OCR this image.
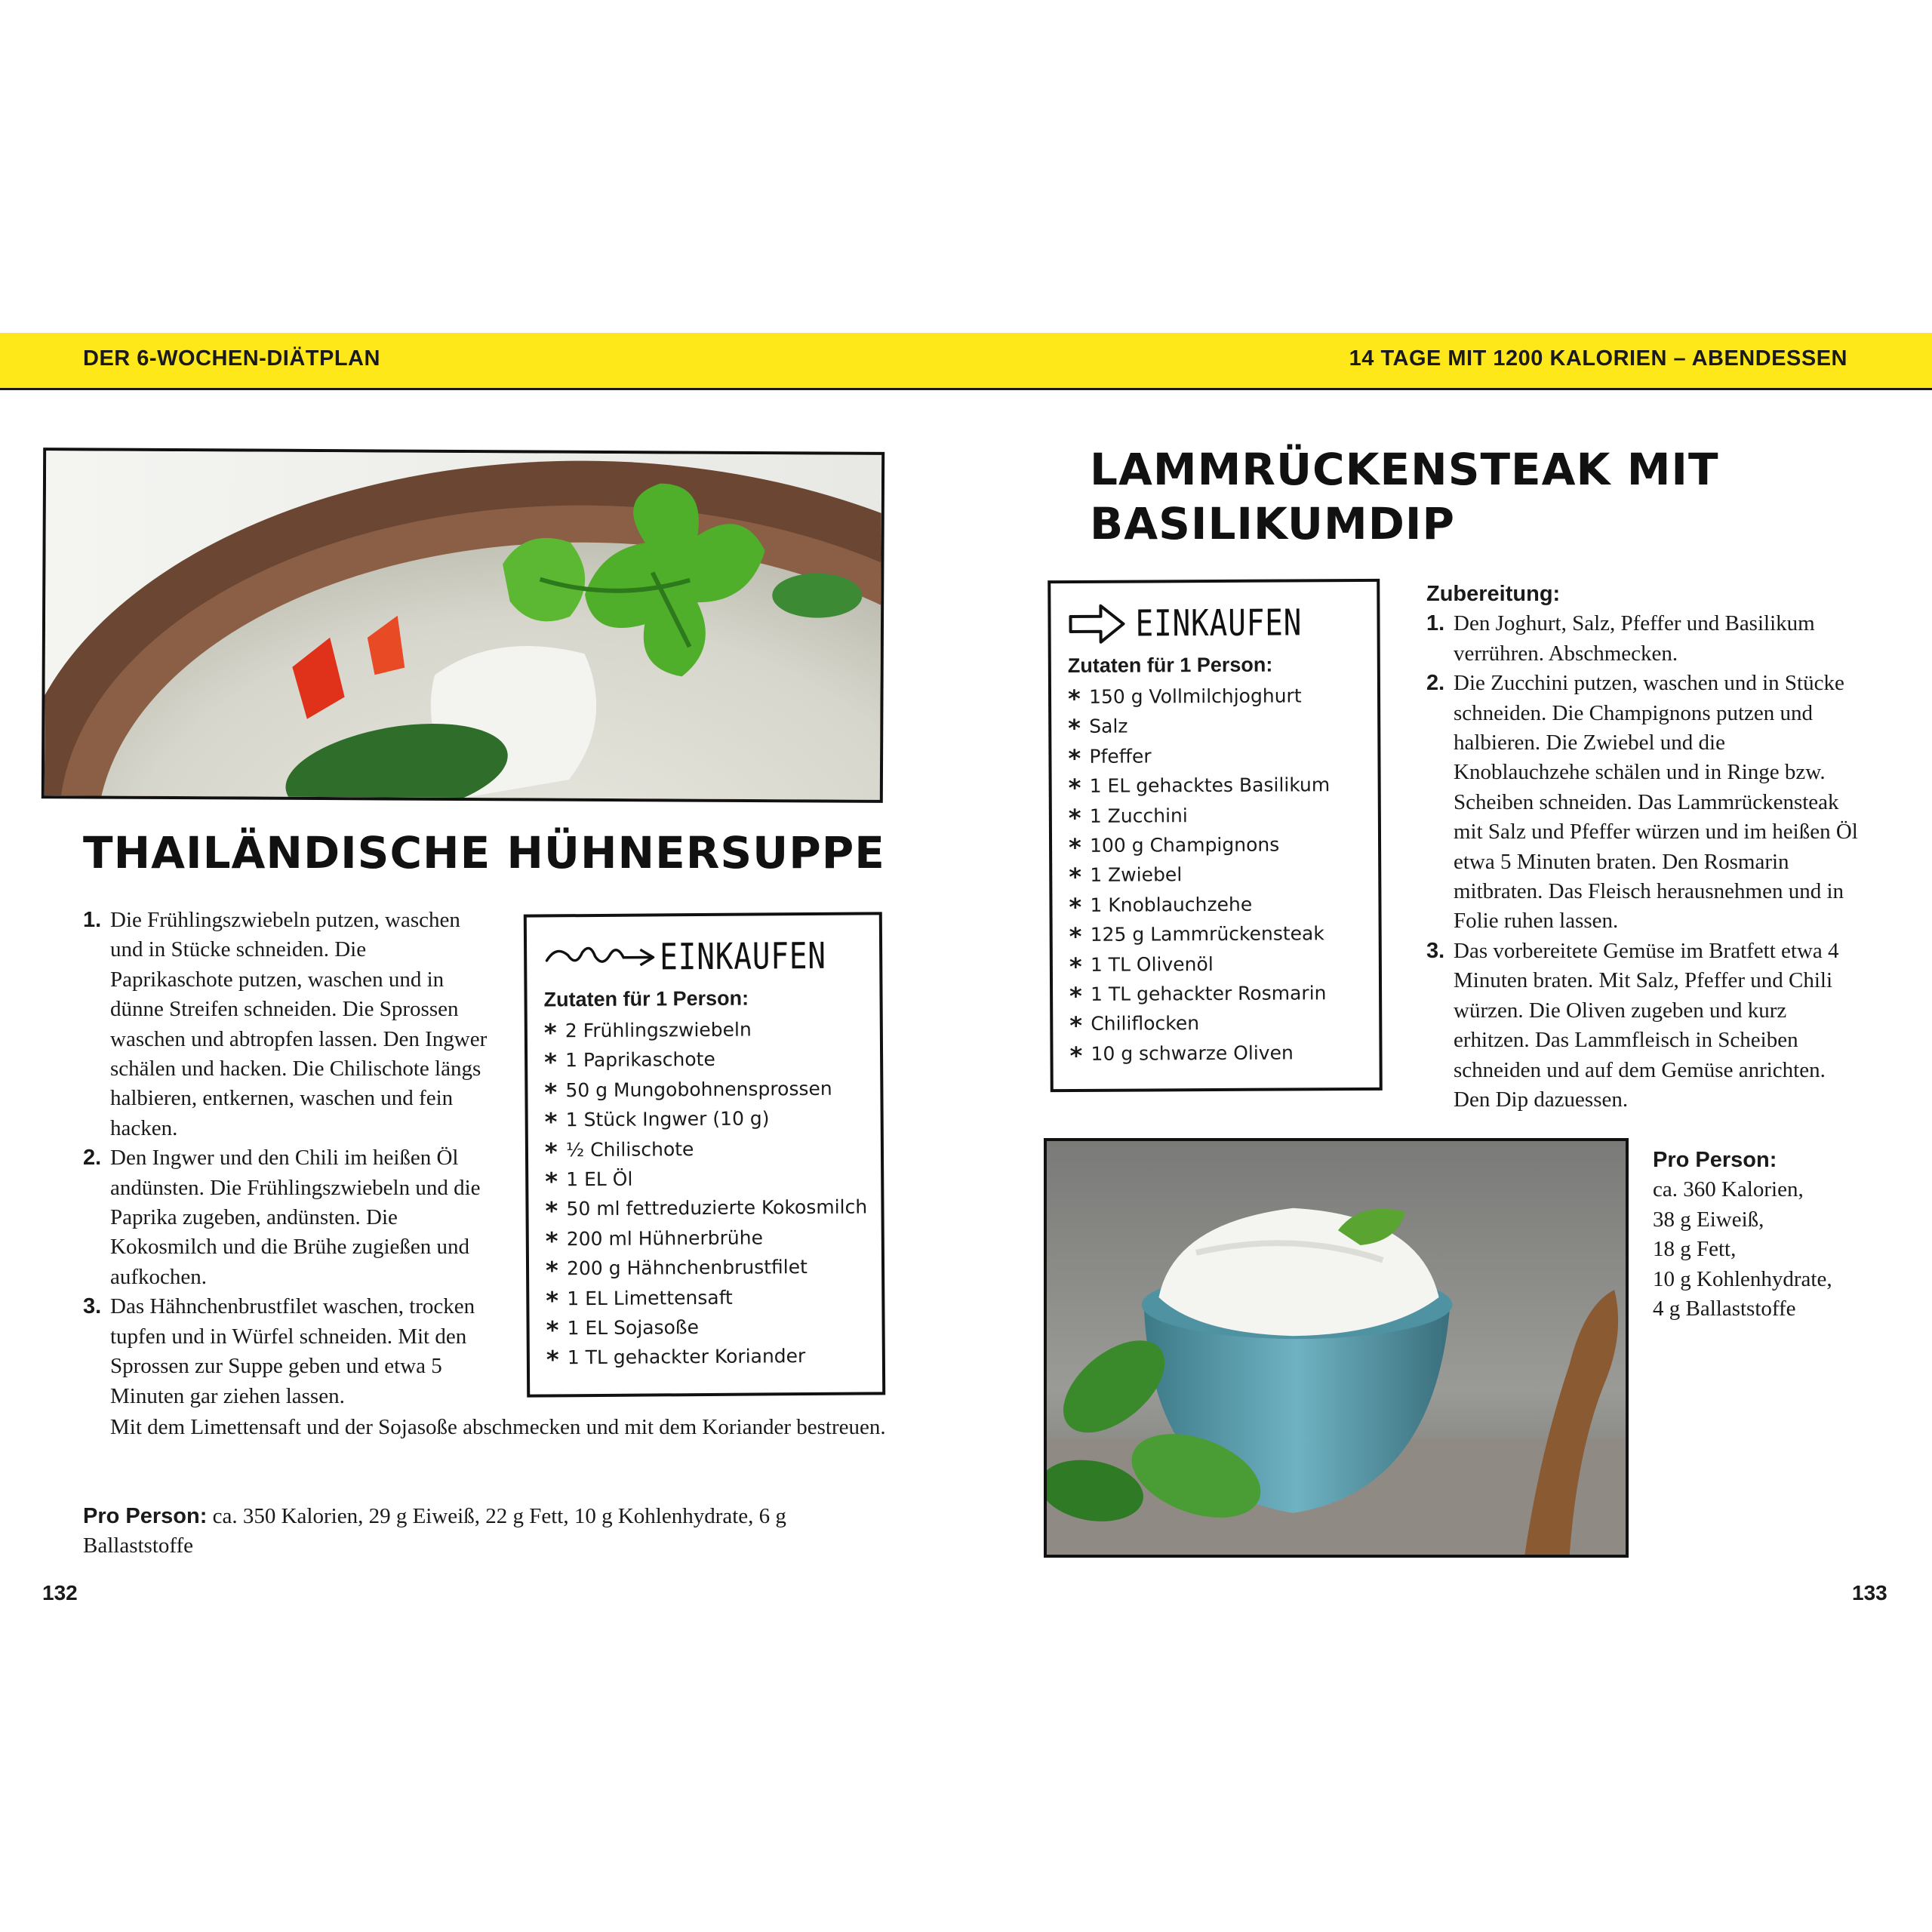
DER 6-WOCHEN-DIÄTPLAN	14 TAGE MIT 1200 KALORIEN – ABENDESSEN
THAILÄNDISCHE HÜHNERSUPPE
1. Die Frühlingszwiebeln putzen, waschen und in Stücke schneiden. Die Paprikaschote putzen, waschen und in dünne Streifen schneiden. Die Sprossen waschen und abtropfen lassen. Den Ingwer schälen und hacken. Die Chilischote längs halbieren, entkernen, waschen und fein hacken.
2. Den Ingwer und den Chili im heißen Öl andünsten. Die Frühlingszwiebeln und die Paprika zugeben, andünsten. Die Kokosmilch und die Brühe zugießen und aufkochen.
3. Das Hähnchenbrustfilet waschen, trocken tupfen und in Würfel schneiden. Mit den Sprossen zur Suppe geben und etwa 5 Minuten gar ziehen lassen.
Mit dem Limettensaft und der Sojasoße abschmecken und mit dem Koriander bestreuen.
EINKAUFEN
Zutaten für 1 Person:
* 2 Frühlingszwiebeln
* 1 Paprikaschote
* 50 g Mungobohnensprossen
* 1 Stück Ingwer (10 g)
* ½ Chilischote
* 1 EL Öl
* 50 ml fettreduzierte Kokosmilch
* 200 ml Hühnerbrühe
* 200 g Hähnchenbrustfilet
* 1 EL Limettensaft
* 1 EL Sojasoße
* 1 TL gehackter Koriander
Pro Person: ca. 350 Kalorien, 29 g Eiweiß, 22 g Fett, 10 g Kohlenhydrate, 6 g Ballaststoffe
132
LAMMRÜCKENSTEAK MIT
BASILIKUMDIP
EINKAUFEN
Zutaten für 1 Person:
* 150 g Vollmilchjoghurt
* Salz
* Pfeffer
* 1 EL gehacktes Basilikum
* 1 Zucchini
* 100 g Champignons
* 1 Zwiebel
* 1 Knoblauchzehe
* 125 g Lammrückensteak
* 1 TL Olivenöl
* 1 TL gehackter Rosmarin
* Chiliflocken
* 10 g schwarze Oliven
Zubereitung:
1. Den Joghurt, Salz, Pfeffer und Basilikum verrühren. Abschmecken.
2. Die Zucchini putzen, waschen und in Stücke schneiden. Die Champignons putzen und halbieren. Die Zwiebel und die Knoblauchzehe schälen und in Ringe bzw. Scheiben schneiden. Das Lammrückensteak mit Salz und Pfeffer würzen und im heißen Öl etwa 5 Minuten braten. Den Rosmarin mitbraten. Das Fleisch herausnehmen und in Folie ruhen lassen.
3. Das vorbereitete Gemüse im Bratfett etwa 4 Minuten braten. Mit Salz, Pfeffer und Chili würzen. Die Oliven zugeben und kurz erhitzen. Das Lammfleisch in Scheiben schneiden und auf dem Gemüse anrichten. Den Dip dazuessen.
Pro Person:
ca. 360 Kalorien,
38 g Eiweiß,
18 g Fett,
10 g Kohlenhydrate,
4 g Ballaststoffe
133
